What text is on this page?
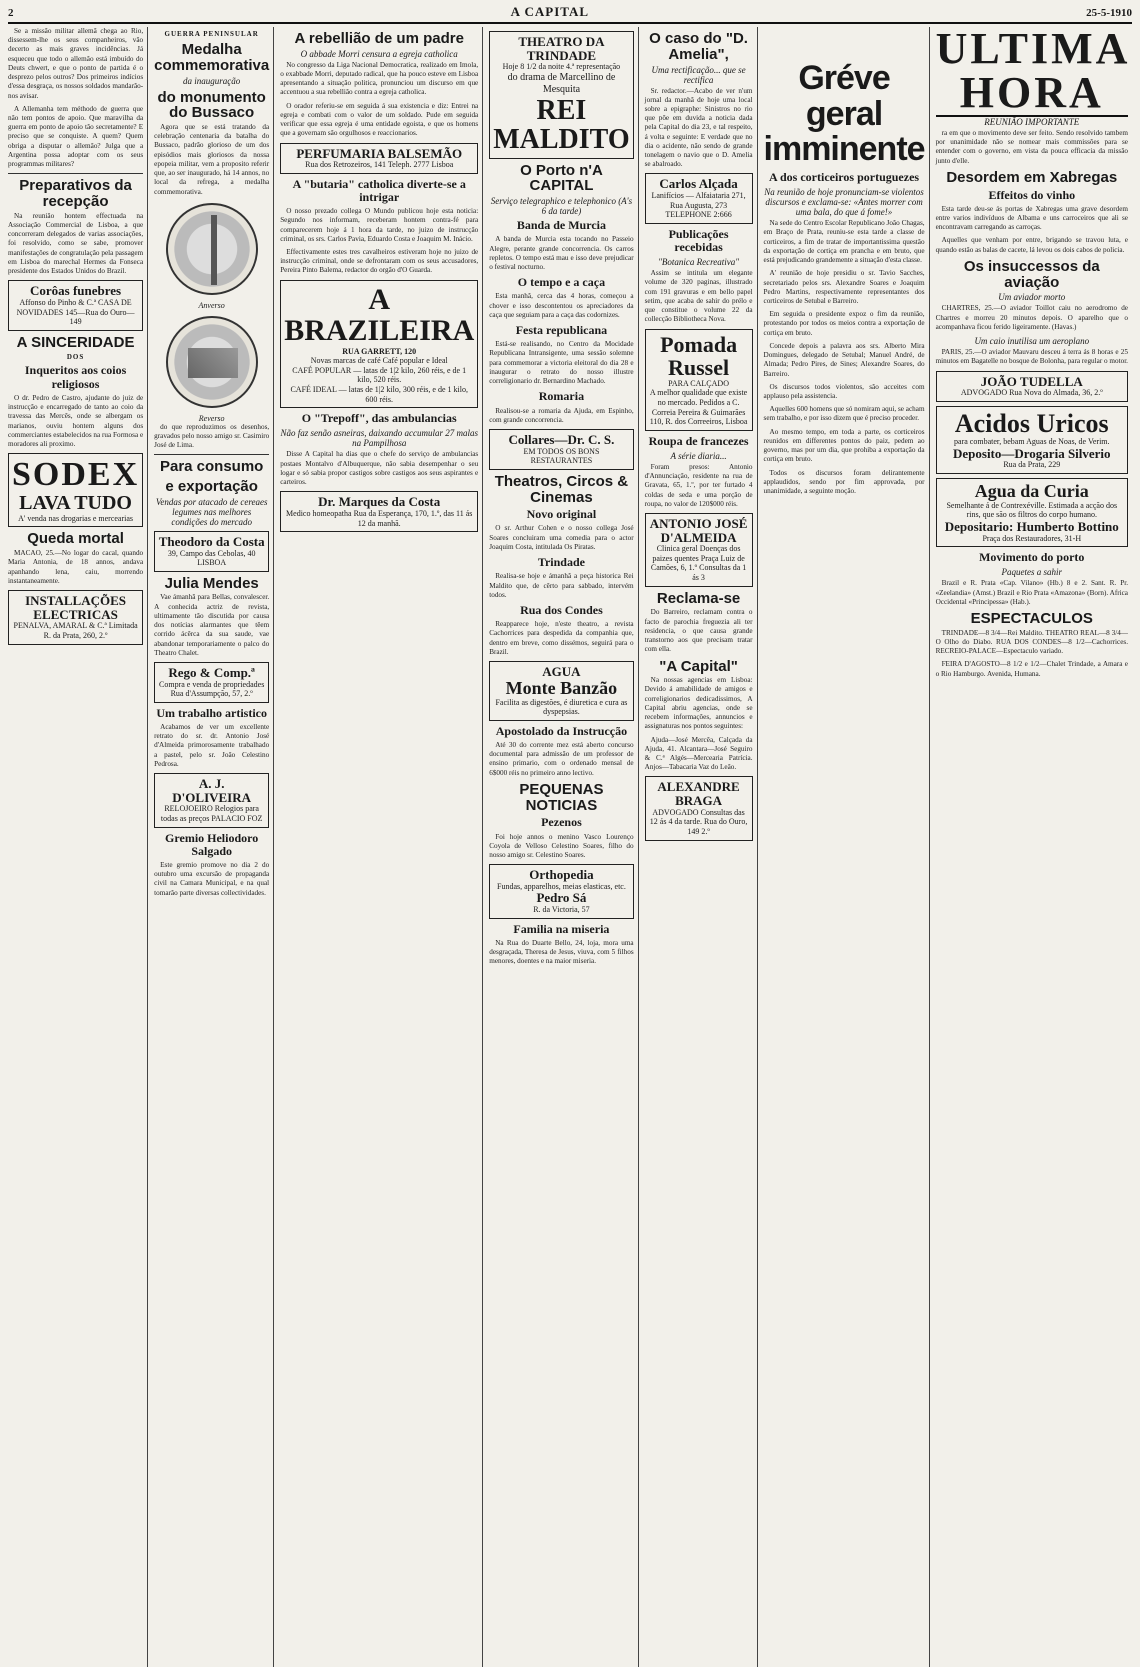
2	A CAPITAL	25-5-1910

Se a missão militar allemã chega ao Rio, dissessem-lhe os seus companheiros, vão decerto as mais graves incidências. Já esqueceu que todo o allemão está imbuído do Deuts chwert, e que o ponto de partida é o desprezo pelos outros? Dos primeiros indícios d'essa desgraça, os nossos soldados mandarão-nos avisar.

A Allemanha tem méthodo de guerra que não tem pontos de apoio. Que maravilha da guerra em ponto de apoio tão secretamente? E preciso que se conquiste. A quem? Quem obriga a disputar o allemão? Julga que a Argentina possa adoptar com os seus programmas militares?

Preparativos da recepção

Na reunião hontem effectuada na Associação Commercial de Lisboa, a que concorreram delegados de varias associações, foi resolvido, como se sabe, promover manifestações de congratulação pela passagem em Lisboa do marechal Hermes da Fonseca presidente dos Estados Unidos do Brazil.

Corôas funebres
Affonso do Pinho & C.ª CASA DE NOVIDADES 145—Rua do Ouro—149
A SINCERIDADE
DOS
Inqueritos aos coios religiosos

O dr. Pedro de Castro, ajudante do juiz de instrucção e encarregado de tanto ao coio da travessa das Mercês, onde se albergam os marianos, ouviu hontem alguns dos commerciantes estabelecidos na rua Formosa e moradores ali proximo.

SODEX
LAVA TUDO
A' venda nas drogarias e mercearias
Queda mortal

MACAO, 25.—No logar do cacal, quando Maria Antonia, de 18 annos, andava apanhando lena, caiu, morrendo instantaneamente.

INSTALLAÇÕES ELECTRICAS
PENALVA, AMARAL & C.ª Limitada R. da Prata, 260, 2.º
GUERRA PENINSULAR
Medalha commemorativa
da inauguração
do monumento do Bussaco

Agora que se está tratando da celebração centenaria da batalha do Bussaco, padrão glorioso de um dos episódios mais gloriosos da nossa epopeia militar, vem a proposito referir que, ao ser inaugurado, há 14 annos, no local da refrega, a medalha commemorativa.

Anverso
Reverso

do que reproduzimos os desenhos, gravados pelo nosso amigo sr. Casimiro José de Lima.

Para consumo
e exportação
Vendas por atacado de cereaes legumes nas melhores condições do mercado
Theodoro da Costa
39, Campo das Cebolas, 40 LISBOA
Julia Mendes

Vae ámanhã para Bellas, convalescer. A conhecida actriz de revista, ultimamente tão discutida por causa dos notícias alarmantes que têem corrido ácêrca da sua saude, vae abandonar temporariamente o palco do Theatro Chalet.

Rego & Comp.ª
Compra e venda de propriedades Rua d'Assumpção, 57, 2.º
Um trabalho artistico

Acabamos de ver um excellente retrato do sr. dr. Antonio José d'Almeida primorosamente trabalhado a pastel, pelo sr. João Celestino Pedrosa.

A. J. D'OLIVEIRA
RELOJOEIRO Relogios para todas as preços PALACIO FOZ
Gremio Heliodoro Salgado

Este gremio promove no dia 2 do outubro uma excursão de propaganda civil na Camara Municipal, e na qual tomarão parte diversas collectividades.

A rebellião de um padre
O abbade Morri censura a egreja catholica

No congresso da Liga Nacional Democratica, realizado em Imola, o exabbade Morri, deputado radical, que ha pouco esteve em Lisboa apresentando a situação politica, pronunciou um discurso em que accentuou a sua rebellião contra a egreja catholica.

O orador referiu-se em seguida á sua existencia e diz: Entrei na egreja e combati com o valor de um soldado. Pude em seguida verificar que essa egreja é uma entidade egoista, e que os homens que a governam são orgulhosos e reaccionarios.

PERFUMARIA BALSEMÃO
Rua dos Retrozeiros, 141 Teleph. 2777 Lisboa
A "butaria" catholica diverte-se a intrigar

O nosso prezado collega O Mundo publicou hoje esta noticia: Segundo nos informam, receberam hontem contra-fé para comparecerem hoje á 1 hora da tarde, no juizo de instrucção criminal, os srs. Carlos Pavia, Eduardo Costa e Joaquim M. Inácio.

Effectivamente estes tres cavalheiros estiveram hoje no juizo de instrucção criminal, onde se defrontaram com os seus accusadores, Pereira Pinto Balema, redactor do orgão d'O Guarda.

A BRAZILEIRA
RUA GARRETT, 120
Novas marcas de café Café popular e Ideal
CAFÉ POPULAR — latas de 1|2 kilo, 260 réis, e de 1 kilo, 520 réis.
CAFÉ IDEAL — latas de 1|2 kilo, 300 réis, e de 1 kilo, 600 réis.
O "Trepoff", das ambulancias
Não faz senão asneiras, daixando accumular 27 malas na Pampilhosa

Disse A Capital ha dias que o chefe do serviço de ambulancias postaes Montalvo d'Albuquerque, não sabia desempenhar o seu logar e só sabia propor castigos sobre castigos aos seus aspirantes e carteiros.

Dr. Marques da Costa
Medico homeopatha Rua da Esperança, 170, 1.º, das 11 ás 12 da manhã.
THEATRO DA TRINDADE
Hoje 8 1/2 da noite 4.ª representação
do drama de Marcellino de Mesquita
REI MALDITO
O Porto n'A CAPITAL
Serviço telegraphico e telephonico (A's 6 da tarde)
Banda de Murcia

A banda de Murcia esta tocando no Passeio Alegre, perante grande concorrencia. Os carros repletos. O tempo está mau e isso deve prejudicar o festival nocturno.

O tempo e a caça

Esta manhã, cerca das 4 horas, começou a chover e isso descontentou os apreciadores da caça que seguiam para a caça das codornizes.

Festa republicana

Está-se realisando, no Centro da Mocidade Republicana Intransigente, uma sessão solemne para commemorar a victoria eleitoral do dia 28 e inaugurar o retrato do nosso illustre correligionario dr. Bernardino Machado.

Romaria

Realisou-se a romaria da Ajuda, em Espinho, com grande concorrencia.

Collares—Dr. C. S.
EM TODOS OS BONS RESTAURANTES
Theatros, Circos & Cinemas
Novo original

O sr. Arthur Cohen e o nosso collega José Soares concluiram uma comedia para o actor Joaquim Costa, intitulada Os Piratas.

Trindade

Realisa-se hoje e ámanhã a peça historica Rei Maldito que, de cêrto para sabbado, intervém todos.

Rua dos Condes

Reapparece hoje, n'este theatro, a revista Cachorrices para despedida da companhia que, dentro em breve, como dissémos, seguirá para o Brazil.

AGUA
Monte Banzão
Facilita as digestões, é diuretica e cura as dyspepsias.
Apostolado da Instrucção

Até 30 do corrente mez está aberto concurso documental para admissão de um professor de ensino primario, com o ordenado mensal de 6$000 réis no primeiro anno lectivo.

PEQUENAS NOTICIAS
Pezenos

Foi hoje annos o menino Vasco Lourenço Coyola de Velloso Celestino Soares, filho do nosso amigo sr. Celestino Soares.

Orthopedia
Fundas, apparelhos, meias elasticas, etc.
Pedro Sá
R. da Victoria, 57
Familia na miseria

Na Rua do Duarte Bello, 24, loja, mora uma desgraçada, Theresa de Jesus, viuva, com 5 filhos menores, doentes e na maior miseria.

O caso do "D. Amelia",
Uma rectificação... que se rectifica

Sr. redactor.—Acabo de ver n'um jornal da manhã de hoje uma local sobre a epigraphe: Sinistros no rio que põe em duvida a noticia dada pela Capital do dia 23, e tal respeito, á volta e seguinte: E verdade que no dia o acidente, não sendo de grande tonelagem o navio que o D. Amelia se abalroado.

Carlos Alçada
Lanifícios — Alfaiataria 271, Rua Augusta, 273 TELEPHONE 2:666
Publicações recebidas
"Botanica Recreativa"

Assim se intitula um elegante volume de 320 paginas, illustrado com 191 gravuras e em bello papel setim, que acaba de sahir do prélo e que constitue o volume 22 da collecção Bibliotheca Nova.

Pomada Russel
PARA CALÇADO
A melhor qualidade que existe no mercado. Pedidos a C. Correia Pereira & Guimarães 110, R. dos Correeiros, Lisboa
Roupa de francezes
A série diaria...

Foram presos: Antonio d'Annunciação, residente na rua de Gravata, 65, 1.º, por ter furtado 4 coldas de seda e uma porção de roupa, no valor de 120$000 réis.

ANTONIO JOSÉ D'ALMEIDA
Clinica geral Doenças dos paizes quentes Praça Luiz de Camões, 6, 1.º Consultas da 1 ás 3
Reclama-se

Do Barreiro, reclamam contra o facto de parochia freguezia ali ter residencia, o que causa grande transtorno aos que precisam tratar com ella.

"A Capital"

Na nossas agencias em Lisboa: Devido á amabilidade de amigos e correligionarios dedicadissimos, A Capital abriu agencias, onde se recebem informações, annuncios e assignaturas nos pontos seguintes:

Ajuda—José Mercêa, Calçada da Ajuda, 41. Alcantara—José Seguiro & C.ª Algés—Mercearia Patrícia. Anjos—Tabacaria Vaz do Leão.

ALEXANDRE BRAGA
ADVOGADO Consultas das 12 ás 4 da tarde. Rua do Ouro, 149 2.º

Gréve geral imminente
A dos corticeiros portuguezes
Na reunião de hoje pronunciam-se violentos discursos e exclama-se: «Antes morrer com uma bala, do que á fome!»

Na sede do Centro Escolar Republicano João Chagas, em Braço de Prata, reuniu-se esta tarde a classe de corticeiros, a fim de tratar de importantissima questão da exportação de cortiça em prancha e em bruto, que está prejudicando grandemente a situação d'esta classe.

A' reunião de hoje presidiu o sr. Tavio Sacches, secretariado pelos srs. Alexandre Soares e Joaquim Pedro Martins, respectivamente representantes dos corticeiros de Setubal e Barreiro.

Em seguida o presidente expoz o fim da reunião, protestando por todos os meios contra a exportação de cortiça em bruto.

Concede depois a palavra aos srs. Alberto Mira Domingues, delegado de Setubal; Manuel André, de Almada; Pedro Pires, de Sines; Alexandre Soares, do Barreiro.

Os discursos todos violentos, são acceites com applauso pela assistencia.

Aquelles 600 homens que só nomiram aqui, se acham sem trabalho, e por isso dizem que é preciso proceder.

Ao mesmo tempo, em toda a parte, os corticeiros reunidos em differentes pontos do paiz, pedem ao governo, mas por um dia, que prohiba a exportação da cortiça em bruto.

Todos os discursos foram delirantemente applaudidos, sendo por fim approvada, por unanimidade, a seguinte moção.

ULTIMA HORA
REUNIÃO IMPORTANTE

ra em que o movimento deve ser feito. Sendo resolvido tambem por unanimidade não se nomear mais commissões para se entender com o governo, em vista da pouca efficacia da missão junto d'elle.

Desordem em Xabregas
Effeitos do vinho

Esta tarde deu-se ás portas de Xabregas uma grave desordem entre varios indivíduos de Albama e uns carroceiros que ali se encontravam carregando as carroças.

Aquelles que venham por entre, brigando se travou luta, e quando estão as balas de cacete, lá levou os dois cabos de policia.

Os insuccessos da aviação
Um aviador morto

CHARTRES, 25.—O aviador Toillot caiu no aerodromo de Chartres e morreu 20 minutos depois. O aparelho que o acompanhava ficou ferido ligeiramente. (Havas.)

Um caio inutilisa um aeroplano

PARIS, 25.—O aviador Mauvaru desceu á terra ás 8 horas e 25 minutos em Bagatelle no bosque de Bolonha, para regular o motor.

JOÃO TUDELLA
ADVOGADO Rua Nova do Almada, 36, 2.º
Acidos Uricos
para combater, bebam Aguas de Noas, de Verim.
Deposito—Drogaria Silverio
Rua da Prata, 229
Agua da Curia
Semelhante á de Contrexéville. Estimada a acção dos rins, que são os filtros do corpo humano.
Depositario: Humberto Bottino
Praça dos Restauradores, 31-H
Movimento do porto
Paquetes a sahir

Brazil e R. Prata «Cap. Vilano» (Hb.) 8 e 2. Sant. R. Pr. «Zeelandia» (Amst.) Brazil e Rio Prata «Amazona» (Born). Africa Occidental «Principessa» (Hab.).

ESPECTACULOS

TRINDADE—8 3/4—Rei Maldito. THEATRO REAL—8 3/4—O Olho do Diabo. RUA DOS CONDES—8 1/2—Cachorrices. RECREIO-PALACE—Espectaculo variado.

FEIRA D'AGOSTO—8 1/2 e 1/2—Chalet Trindade, a Amara e o Rio Hamburgo. Avenida, Humana.
